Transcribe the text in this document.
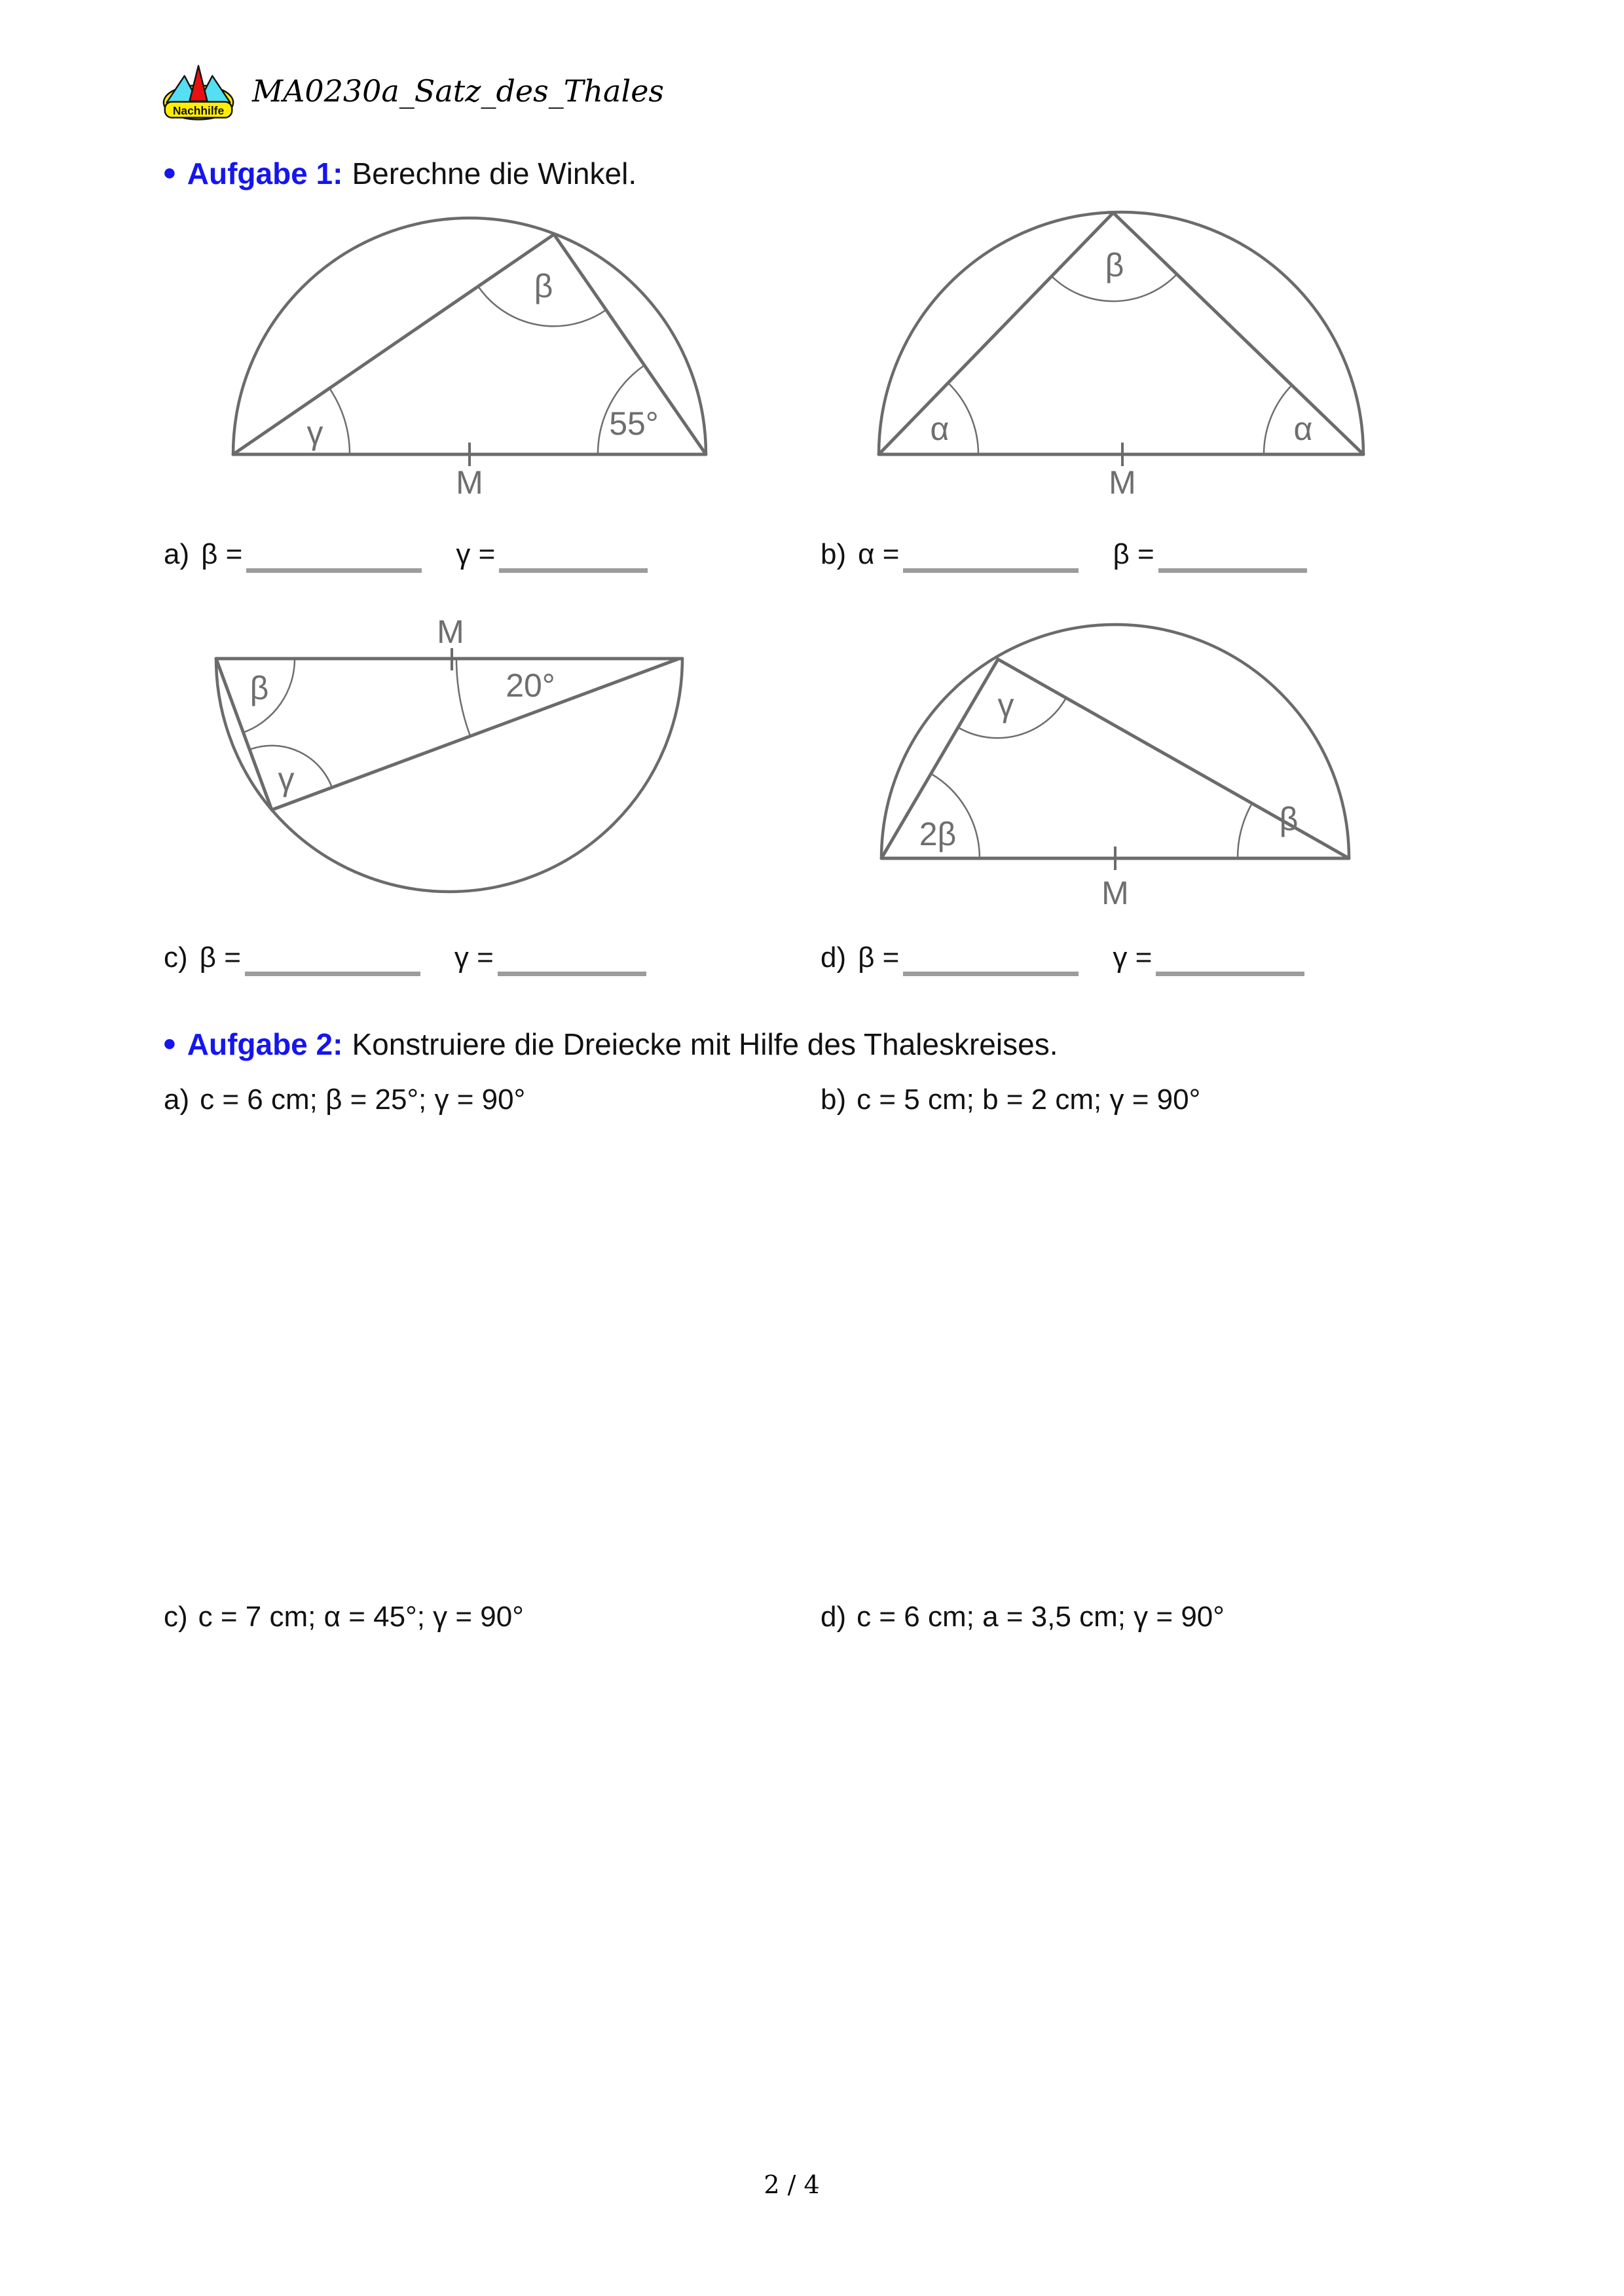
Nachhilfe
MA0230a_Satz_des_Thales
● Aufgabe 1: Berechne die Winkel.
β
γ	55°
M
β
α	α
M
a) β =	γ =	b) α =	β =
M
β
γ
20°
2β
γ
β
M
c) β =	γ =	d) β =	γ =
● Aufgabe 2: Konstruiere die Dreiecke mit Hilfe des Thaleskreises.
a) c = 6 cm; β = 25°; γ = 90°	b) c = 5 cm; b = 2 cm; γ = 90°
c) c = 7 cm; α = 45°; γ = 90°	d) c = 6 cm; a = 3,5 cm; γ = 90°
2 / 4
